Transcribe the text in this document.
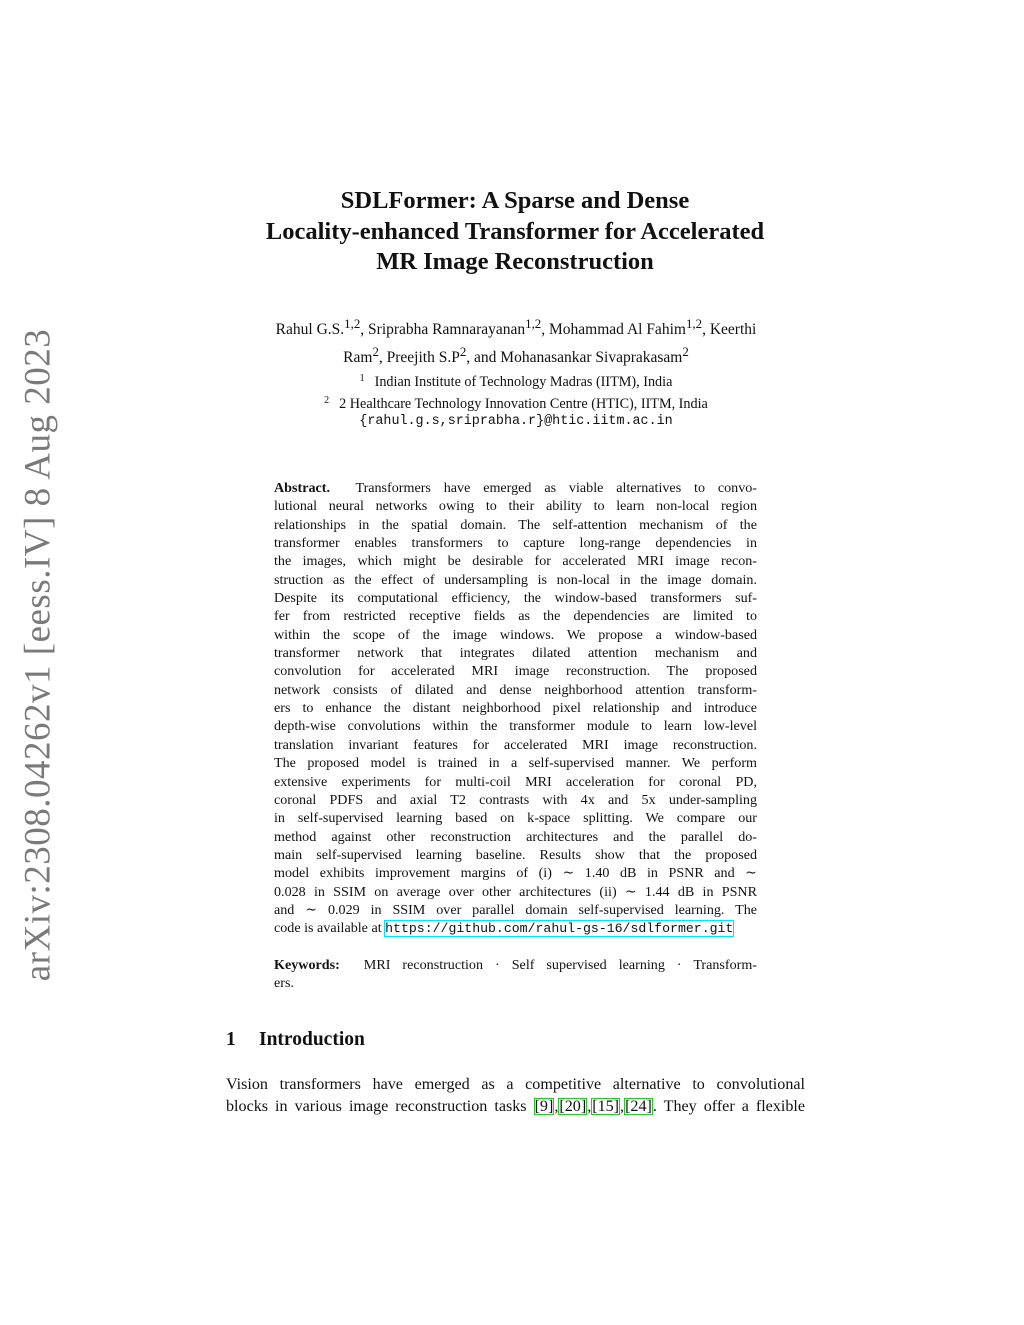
arXiv:2308.04262v1 [eess.IV] 8 Aug 2023
SDLFormer: A Sparse and Dense
Locality-enhanced Transformer for Accelerated
MR Image Reconstruction
Rahul G.S.$^{1,2}$, Sriprabha Ramnarayanan$^{1,2}$, Mohammad Al Fahim$^{1,2}$, Keerthi
Ram$^2$, Preejith $S.P^2$, and Mohanasankar Sivaprakasam$^2$
$^1$ Indian Institute of Technology Madras (IITM), India
$^2$ 2 Healthcare Technology Innovation Centre (HTIC), IITM, India
{rahul.g.s,sriprabha.r}@htic.iitm.ac.in
Abstract. Transformers have emerged as viable alternatives to convo-
lutional neural networks owing to their ability to learn non-local region
relationships in the spatial domain. The self-attention mechanism of the
transformer enables transformers to capture long-range dependencies in
the images, which might be desirable for accelerated MRI image recon-
struction as the effect of undersampling is non-local in the image domain.
Despite its computational efficiency, the window-based transformers suf-
fer from restricted receptive fields as the dependencies are limited to
within the scope of the image windows. We propose a window-based
transformer network that integrates dilated attention mechanism and
convolution for accelerated MRI image reconstruction. The proposed
network consists of dilated and dense neighborhood attention transform-
ers to enhance the distant neighborhood pixel relationship and introduce
depth-wise convolutions within the transformer module to learn low-level
translation invariant features for accelerated MRI image reconstruction.
The proposed model is trained in a self-supervised manner. We perform
extensive experiments for multi-coil MRI acceleration for coronal PD,
coronal PDFS and axial T2 contrasts with 4x and 5x under-sampling
in self-supervised learning based on k-space splitting. We compare our
method against other reconstruction architectures and the parallel do-
main self-supervised learning baseline. Results show that the proposed
model exhibits improvement margins of (i) ∼ 1.40 dB in PSNR and ∼
0.028 in SSIM on average over other architectures (ii) ∼ 1.44 dB in PSNR
and ∼ 0.029 in SSIM over parallel domain self-supervised learning. The
code is available at https://github.com/rahul-gs-16/sdlformer.git
Keywords: MRI reconstruction · Self supervised learning · Transform-
ers.
1 Introduction
Vision transformers have emerged as a competitive alternative to convolutional
blocks in various image reconstruction tasks [9],[20],[15],[24]. They offer a flexible
